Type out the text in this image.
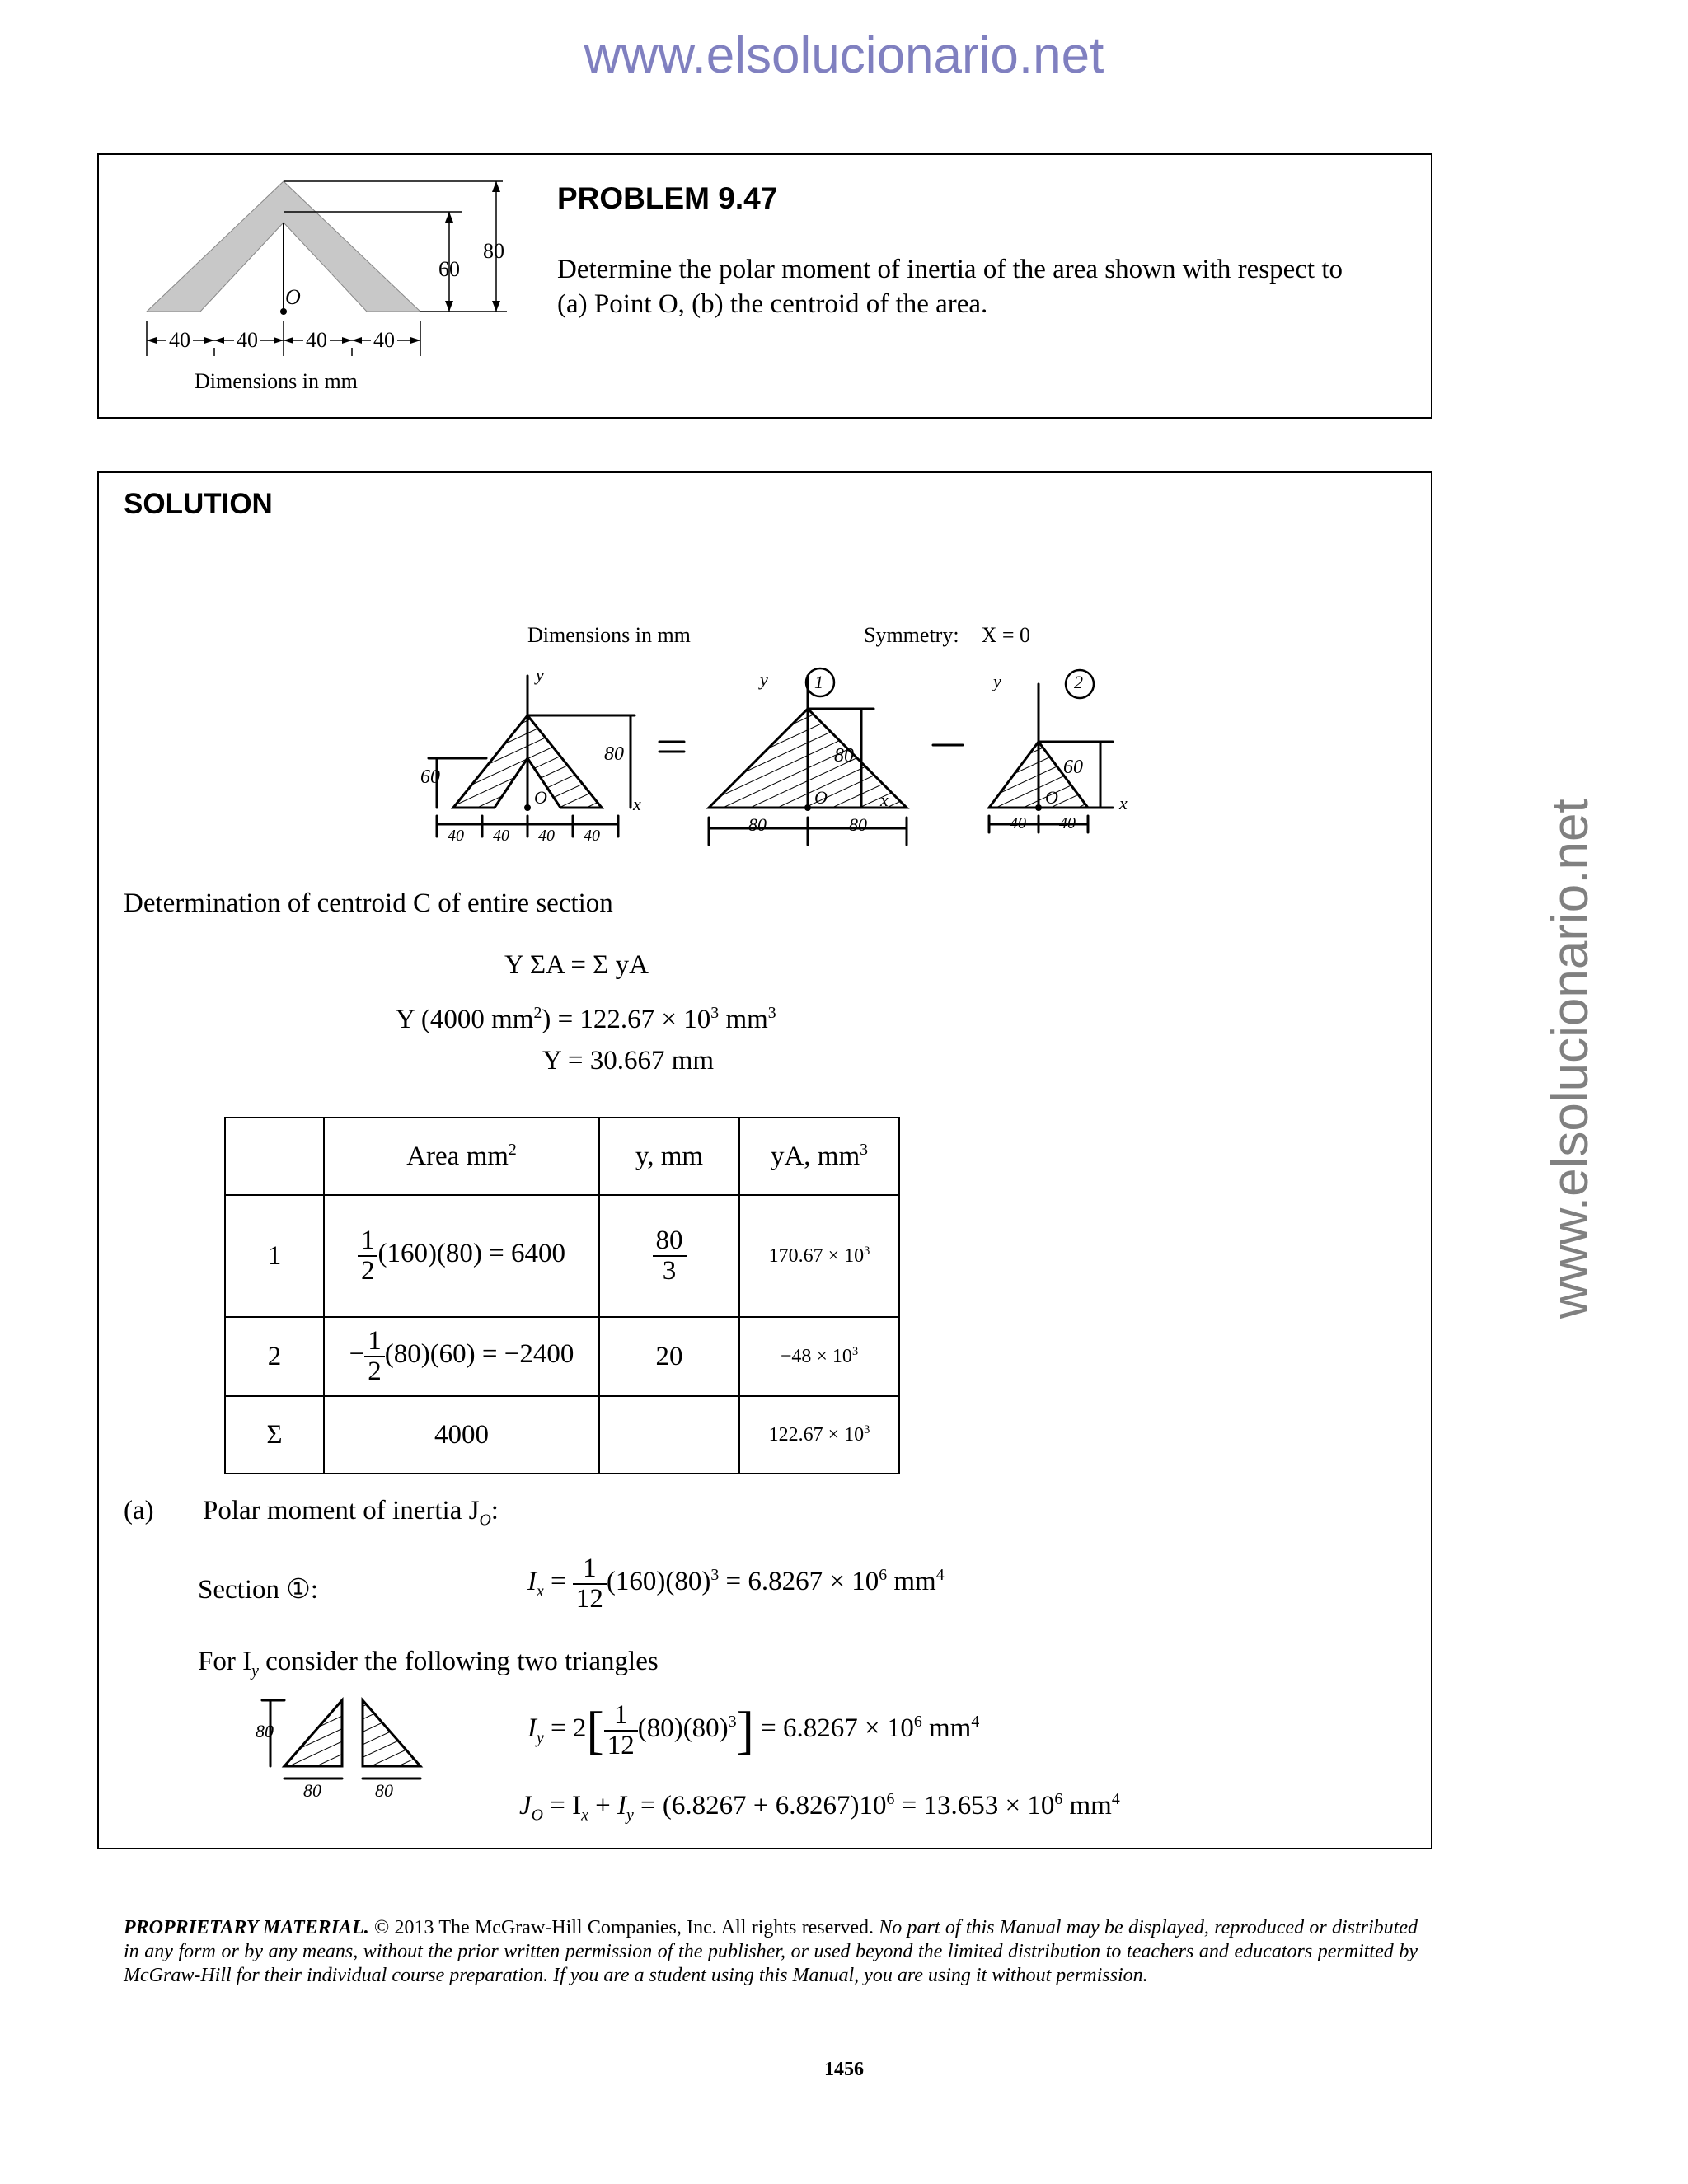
www.elsolucionario.net
www.elsolucionario.net
40 40 40 40
60
80
O
Dimensions in mm
PROBLEM 9.47
Determine the polar moment of inertia of the area shown with respect to
(a) Point O, (b) the centroid of the area.
SOLUTION
Dimensions in mm	Symmetry: X = 0
y	y	y
1	2
60
80	80
60
O	O	O
x	x	x
40 40 40 40
80	80	40 40
Determination of centroid C of entire section
Y ΣA = Σ yA
Y (4000 $mm^2) = 122.67 \times 10^3$ $mm^3$
Y = 30.667 mm
	Area $mm^2$	y, mm	yA, $mm^3$
1	$\frac{1}{2} (160)(80) = 6400$	$\frac{80}{3}$	$170.67 \times 10^3$
2	− $\frac{1}{2} (80)(60) = -2400$	20	$-48 \times 10^3$
Σ	4000		$122.67 \times 10^3$
(a) Polar moment of inertia $J_O$:
Section ①:	$I_x = \frac{1}{12} (160)(80)^3 = 6.8267 \times 10^6$ $mm^4$
For $I_y$ consider the following two triangles
80
80	80
$I_y = 2[ \frac{1}{12} (80)(80)^3] = 6.8267 \times 10^6$ $mm^4$
$J_O = I_x + I_y = (6.8267 + 6.8267)10^6 = 13.653 \times 10^6$ $mm^4$
PROPRIETARY MATERIAL. © 2013 The McGraw-Hill Companies, Inc. All rights reserved. No part of this Manual may be displayed, reproduced or distributed in any form or by any means, without the prior written permission of the publisher, or used beyond the limited distribution to teachers and educators permitted by McGraw-Hill for their individual course preparation. If you are a student using this Manual, you are using it without permission.
1456
